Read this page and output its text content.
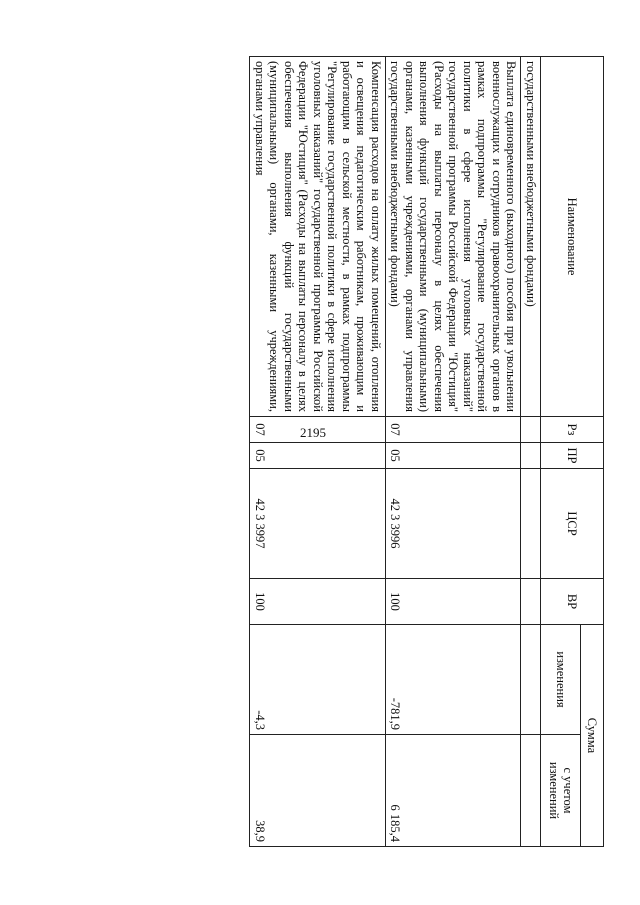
2195
Наименование	Рз	ПР	ЦСР	ВР	Сумма	
					изменения	с учетом изменений
государственными внебюджетными фондами)						
Выплата единовременного (выходного) пособия при увольнении военнослужащих и сотрудников правоохранительных органов в рамках подпрограммы "Регулирование государственной политики в сфере исполнения уголовных наказаний" государственной программы Российской Федерации "Юстиция" (Расходы на выплаты персоналу в целях обеспечения выполнения функций государственными (муниципальными) органами, казенными учреждениями, органами управления государственными внебюджетными фондами)	07	05	42 3 3996	100	-781,9	6 185,4
Компенсация расходов на оплату жилых помещений, отопления и освещения педагогическим работникам, проживающим и работающим в сельской местности, в рамках подпрограммы "Регулирование государственной политики в сфере исполнения уголовных наказаний" государственной программы Российской Федерации "Юстиция" (Расходы на выплаты персоналу в целях обеспечения выполнения функций государственными (муниципальными) органами, казенными учреждениями, органами управления	07	05	42 3 3997	100	-4,3	38,9
